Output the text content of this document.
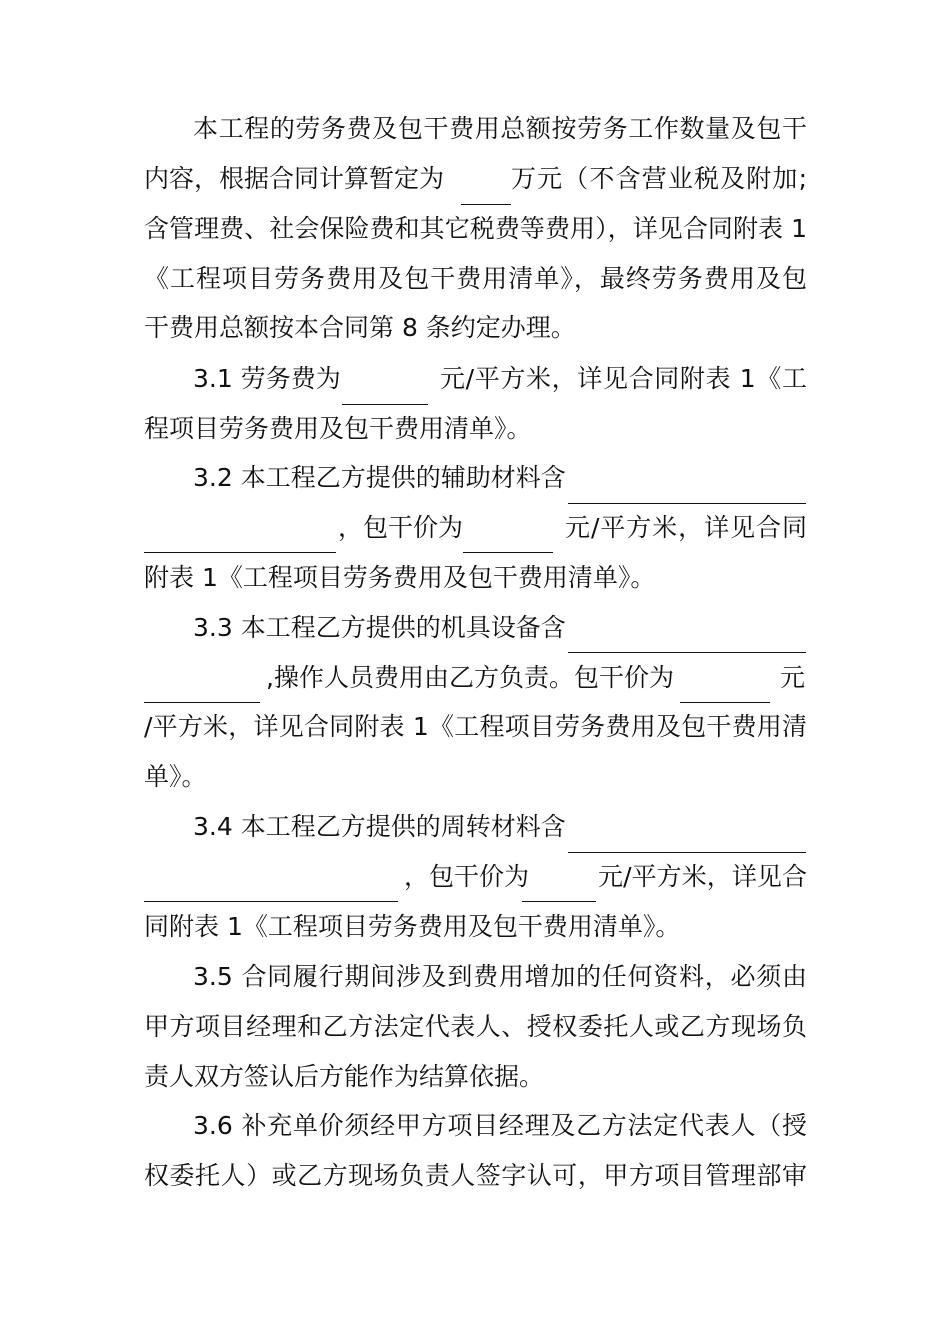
本工程的劳务费及包干费用总额按劳务工作数量及包干
内容，根据合同计算暂定为	万元（不含营业税及附加;
含管理费、社会保险费和其它税费等费用），详见合同附表 1
《工程项目劳务费用及包干费用清单》，最终劳务费用及包
干费用总额按本合同第 8 条约定办理。
3.1 劳务费为	元/平方米，详见合同附表 1《工
程项目劳务费用及包干费用清单》。
3.2 本工程乙方提供的辅助材料含
，包干价为	元/平方米，详见合同
附表 1《工程项目劳务费用及包干费用清单》。
3.3 本工程乙方提供的机具设备含
,操作人员费用由乙方负责。包干价为	元
/平方米，详见合同附表 1《工程项目劳务费用及包干费用清
单》。
3.4 本工程乙方提供的周转材料含
，包干价为	元/平方米，详见合
同附表 1《工程项目劳务费用及包干费用清单》。
3.5 合同履行期间涉及到费用增加的任何资料，必须由
甲方项目经理和乙方法定代表人、授权委托人或乙方现场负
责人双方签认后方能作为结算依据。
3.6 补充单价须经甲方项目经理及乙方法定代表人（授
权委托人）或乙方现场负责人签字认可，甲方项目管理部审
